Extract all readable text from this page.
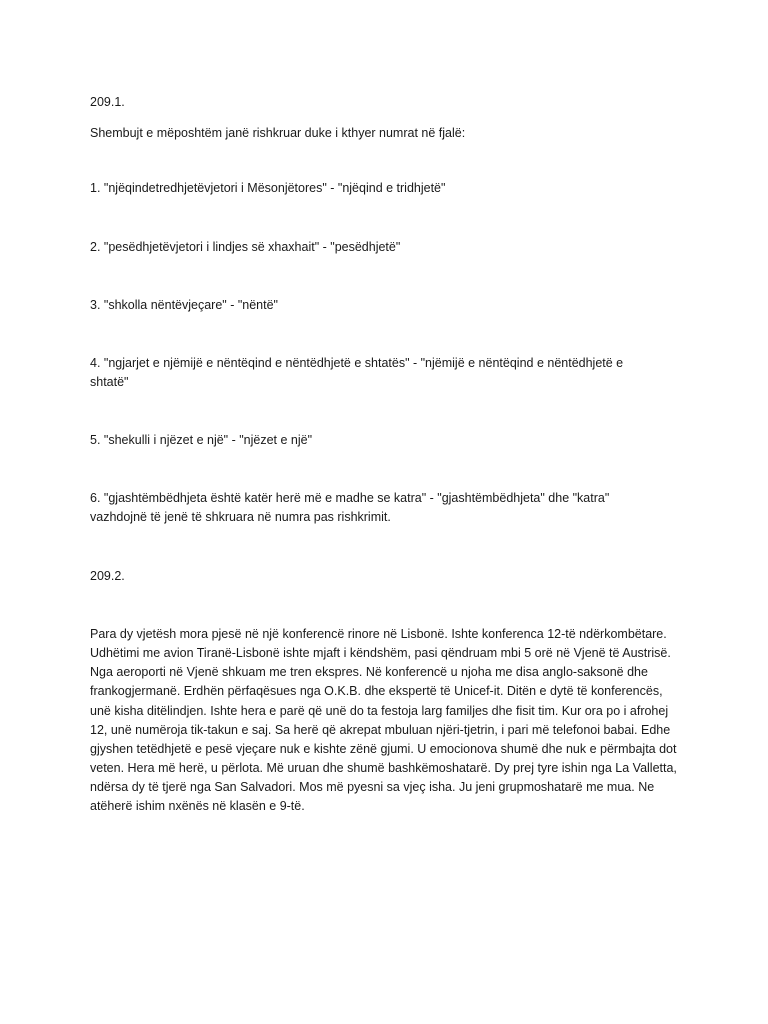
209.1.

Shembujt e mëposhtëm janë rishkruar duke i kthyer numrat në fjalë:

1. "njëqindetredhjetëvjetori i Mësonjëtores" - "njëqind e tridhjetë"

2. "pesëdhjetëvjetori i lindjes së xhaxhait" - "pesëdhjetë"

3. "shkolla nëntëvjeçare" - "nëntë"

4. "ngjarjet e njëmijë e nëntëqind e nëntëdhjetë e shtatës" - "njëmijë e nëntëqind e nëntëdhjetë e shtatë"

5. "shekulli i njëzet e një" - "njëzet e një"

6. "gjashtëmbëdhjeta është katër herë më e madhe se katra" - "gjashtëmbëdhjeta" dhe "katra" vazhdojnë të jenë të shkruara në numra pas rishkrimit.

209.2.

Para dy vjetësh mora pjesë në një konferencë rinore në Lisbonë. Ishte konferenca 12-të ndërkombëtare. Udhëtimi me avion Tiranë-Lisbonë ishte mjaft i këndshëm, pasi qëndruam mbi 5 orë në Vjenë të Austrisë. Nga aeroporti në Vjenë shkuam me tren ekspres. Në konferencë u njoha me disa anglo-saksonë dhe frankogjermanë. Erdhën përfaqësues nga O.K.B. dhe ekspertë të Unicef-it. Ditën e dytë të konferencës, unë kisha ditëlindjen. Ishte hera e parë që unë do ta festoja larg familjes dhe fisit tim. Kur ora po i afrohej 12, unë numëroja tik-takun e saj. Sa herë që akrepat mbuluan njëri-tjetrin, i pari më telefonoi babai. Edhe gjyshen tetëdhjetë e pesë vjeçare nuk e kishte zënë gjumi. U emocionova shumë dhe nuk e përmbajta dot veten. Hera më herë, u përlota. Më uruan dhe shumë bashkëmoshatarë. Dy prej tyre ishin nga La Valletta, ndërsa dy të tjerë nga San Salvadori. Mos më pyesni sa vjeç isha. Ju jeni grupmoshatarë me mua. Ne atëherë ishim nxënës në klasën e 9-të.
